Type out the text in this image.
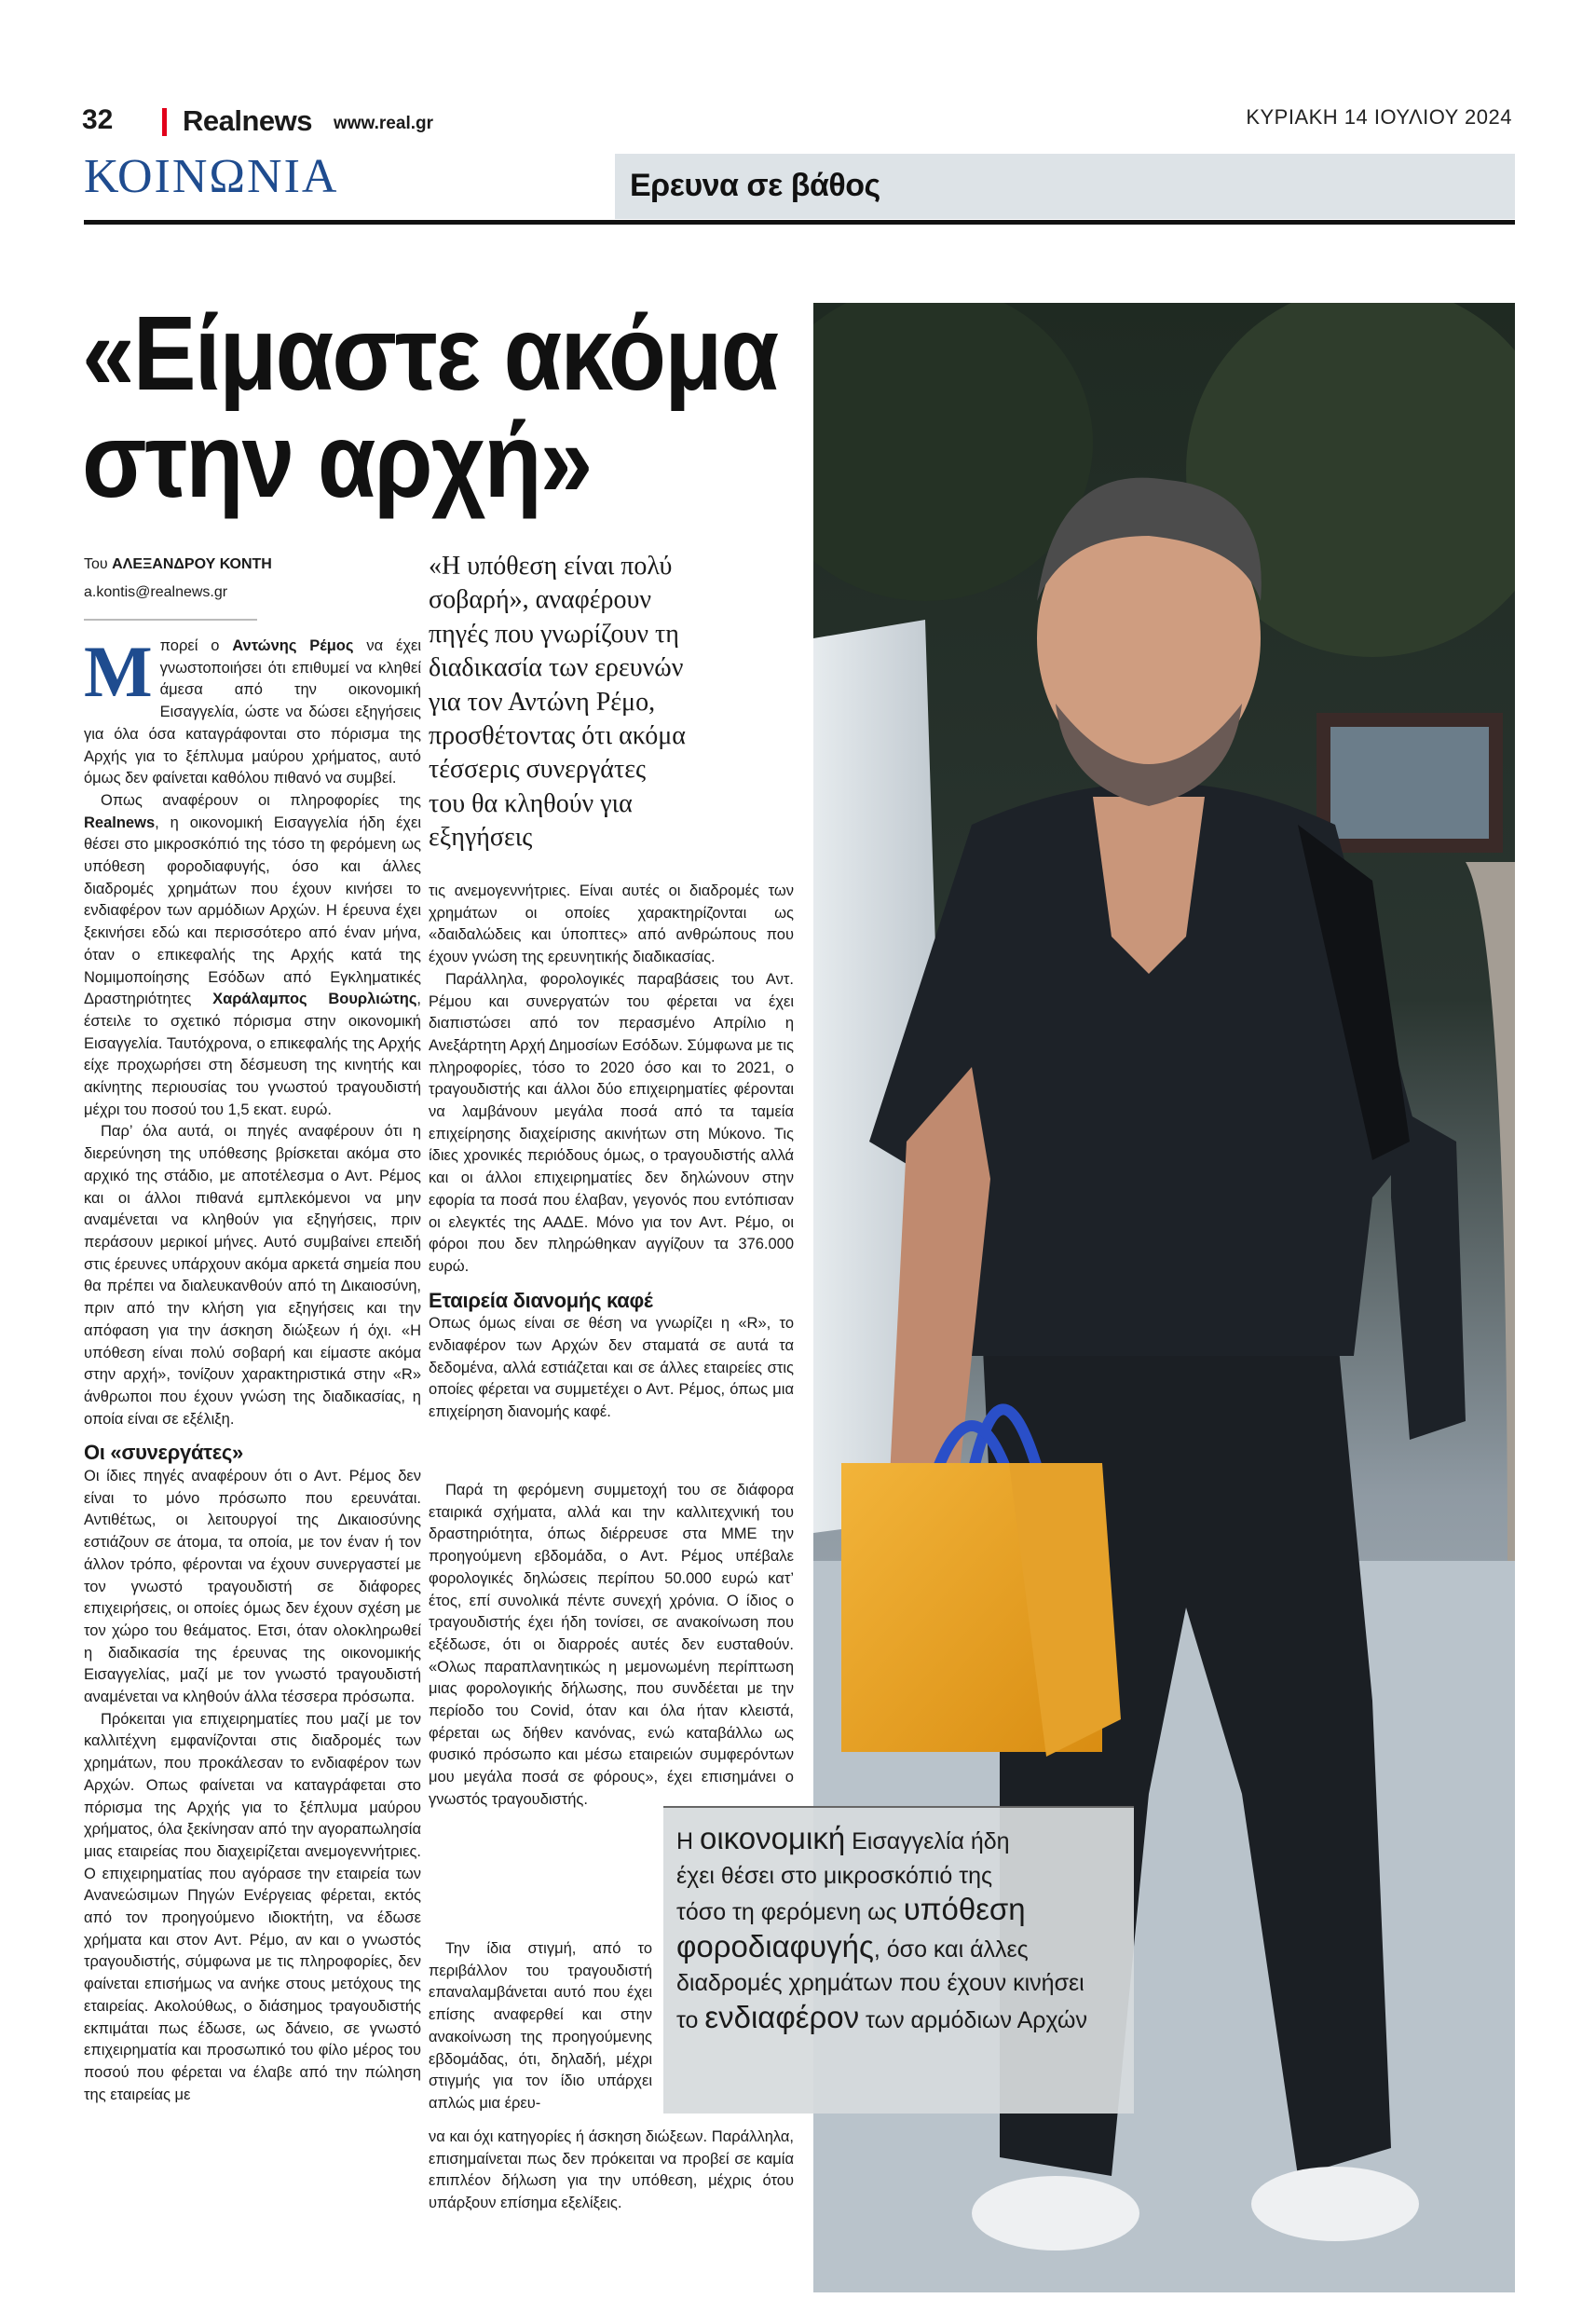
32 Realnews www.real.gr	ΚΥΡΙΑΚΗ 14 ΙΟΥΛΙΟΥ 2024
ΚΟΙΝΩΝΙΑ	Ερευνα σε βάθος
«Είμαστε ακόμα
στην αρχή»
Του ΑΛΕΞΑΝΔΡΟΥ ΚΟΝΤΗ
a.kontis@realnews.gr
«Η υπόθεση είναι πολύ
σοβαρή», αναφέρουν
πηγές που γνωρίζουν τη
διαδικασία των ερευνών
για τον Αντώνη Ρέμο,
προσθέτοντας ότι ακόμα
τέσσερις συνεργάτες
του θα κληθούν για
εξηγήσεις

Μπορεί ο Αντώνης Ρέμος να έχει γνωστοποιήσει ότι επιθυμεί να κληθεί άμεσα από την οικονομική Εισαγγελία, ώστε να δώσει εξηγήσεις για όλα όσα καταγράφονται στο πόρισμα της Αρχής για το ξέπλυμα μαύρου χρήματος, αυτό όμως δεν φαίνεται καθόλου πιθανό να συμβεί.

Οπως αναφέρουν οι πληροφορίες της Realnews, η οικονομική Εισαγγελία ήδη έχει θέσει στο μικροσκόπιό της τόσο τη φερόμενη ως υπόθεση φοροδιαφυγής, όσο και άλλες διαδρομές χρημάτων που έχουν κινήσει το ενδιαφέρον των αρμόδιων Αρχών. Η έρευνα έχει ξεκινήσει εδώ και περισσότερο από έναν μήνα, όταν ο επικεφαλής της Αρχής κατά της Νομιμοποίησης Εσόδων από Εγκληματικές Δραστηριότητες Χαράλαμπος Βουρλιώτης, έστειλε το σχετικό πόρισμα στην οικονομική Εισαγγελία. Ταυτόχρονα, ο επικεφαλής της Αρχής είχε προχωρήσει στη δέσμευση της κινητής και ακίνητης περιουσίας του γνωστού τραγουδιστή μέχρι του ποσού του 1,5 εκατ. ευρώ.

Παρ’ όλα αυτά, οι πηγές αναφέρουν ότι η διερεύνηση της υπόθεσης βρίσκεται ακόμα στο αρχικό της στάδιο, με αποτέλεσμα ο Αντ. Ρέμος και οι άλλοι πιθανά εμπλεκόμενοι να μην αναμένεται να κληθούν για εξηγήσεις, πριν περάσουν μερικοί μήνες. Αυτό συμβαίνει επειδή στις έρευνες υπάρχουν ακόμα αρκετά σημεία που θα πρέπει να διαλευκανθούν από τη Δικαιοσύνη, πριν από την κλήση για εξηγήσεις και την απόφαση για την άσκηση διώξεων ή όχι. «Η υπόθεση είναι πολύ σοβαρή και είμαστε ακόμα στην αρχή», τονίζουν χαρακτηριστικά στην «R» άνθρωποι που έχουν γνώση της διαδικασίας, η οποία είναι σε εξέλιξη.

Οι «συνεργάτες»

Οι ίδιες πηγές αναφέρουν ότι ο Αντ. Ρέμος δεν είναι το μόνο πρόσωπο που ερευνάται. Αντιθέτως, οι λειτουργοί της Δικαιοσύνης εστιάζουν σε άτομα, τα οποία, με τον έναν ή τον άλλον τρόπο, φέρονται να έχουν συνεργαστεί με τον γνωστό τραγουδιστή σε διάφορες επιχειρήσεις, οι οποίες όμως δεν έχουν σχέση με τον χώρο του θεάματος. Ετσι, όταν ολοκληρωθεί η διαδικασία της έρευνας της οικονομικής Εισαγγελίας, μαζί με τον γνωστό τραγουδιστή αναμένεται να κληθούν άλλα τέσσερα πρόσωπα.

Πρόκειται για επιχειρηματίες που μαζί με τον καλλιτέχνη εμφανίζονται στις διαδρομές των χρημάτων, που προκάλεσαν το ενδιαφέρον των Αρχών. Οπως φαίνεται να καταγράφεται στο πόρισμα της Αρχής για το ξέπλυμα μαύρου χρήματος, όλα ξεκίνησαν από την αγοραπωλησία μιας εταιρείας που διαχειρίζεται ανεμογεννήτριες. Ο επιχειρηματίας που αγόρασε την εταιρεία των Ανανεώσιμων Πηγών Ενέργειας φέρεται, εκτός από τον προηγούμενο ιδιοκτήτη, να έδωσε χρήματα και στον Αντ. Ρέμο, αν και ο γνωστός τραγουδιστής, σύμφωνα με τις πληροφορίες, δεν φαίνεται επισήμως να ανήκε στους μετόχους της εταιρείας. Ακολούθως, ο διάσημος τραγουδιστής εκπιμάται πως έδωσε, ως δάνειο, σε γνωστό επιχειρηματία και προσωπικό του φίλο μέρος του ποσού που φέρεται να έλαβε από την πώληση της εταιρείας με

τις ανεμογεννήτριες. Είναι αυτές οι διαδρομές των χρημάτων οι οποίες χαρακτηρίζονται ως «δαιδαλώδεις και ύποπτες» από ανθρώπους που έχουν γνώση της ερευνητικής διαδικασίας.

Παράλληλα, φορολογικές παραβάσεις του Αντ. Ρέμου και συνεργατών του φέρεται να έχει διαπιστώσει από τον περασμένο Απρίλιο η Ανεξάρτητη Αρχή Δημοσίων Εσόδων. Σύμφωνα με τις πληροφορίες, τόσο το 2020 όσο και το 2021, ο τραγουδιστής και άλλοι δύο επιχειρηματίες φέρονται να λαμβάνουν μεγάλα ποσά από τα ταμεία επιχείρησης διαχείρισης ακινήτων στη Μύκονο. Τις ίδιες χρονικές περιόδους όμως, ο τραγουδιστής αλλά και οι άλλοι επιχειρηματίες δεν δηλώνουν στην εφορία τα ποσά που έλαβαν, γεγονός που εντόπισαν οι ελεγκτές της ΑΑΔΕ. Μόνο για τον Αντ. Ρέμο, οι φόροι που δεν πληρώθηκαν αγγίζουν τα 376.000 ευρώ.

Εταιρεία διανομής καφέ

Οπως όμως είναι σε θέση να γνωρίζει η «R», το ενδιαφέρον των Αρχών δεν σταματά σε αυτά τα δεδομένα, αλλά εστιάζεται και σε άλλες εταιρείες στις οποίες φέρεται να συμμετέχει ο Αντ. Ρέμος, όπως μια επιχείρηση διανομής καφέ.

Παρά τη φερόμενη συμμετοχή του σε διάφορα εταιρικά σχήματα, αλλά και την καλλιτεχνική του δραστηριότητα, όπως διέρρευσε στα ΜΜΕ την προηγούμενη εβδομάδα, ο Αντ. Ρέμος υπέβαλε φορολογικές δηλώσεις περίπου 50.000 ευρώ κατ’ έτος, επί συνολικά πέντε συνεχή χρόνια. Ο ίδιος ο τραγουδιστής έχει ήδη τονίσει, σε ανακοίνωση που εξέδωσε, ότι οι διαρροές αυτές δεν ευσταθούν. «Ολως παραπλανητικώς η μεμονωμένη περίπτωση μιας φορολογικής δήλωσης, που συνδέεται με την περίοδο του Covid, όταν και όλα ήταν κλειστά, φέρεται ως δήθεν κανόνας, ενώ καταβάλλω ως φυσικό πρόσωπο και μέσω εταιρειών συμφερόντων μου μεγάλα ποσά σε φόρους», έχει επισημάνει ο γνωστός τραγουδιστής.

Η οικονομική Εισαγγελία ήδη
έχει θέσει στο μικροσκόπιό της
τόσο τη φερόμενη ως υπόθεση
φοροδιαφυγής, όσο και άλλες
διαδρομές χρημάτων που έχουν κινήσει
το ενδιαφέρον των αρμόδιων Αρχών

Την ίδια στιγμή, από το περιβάλλον του τραγουδιστή επαναλαμβάνεται αυτό που έχει επίσης αναφερθεί και στην ανακοίνωση της προηγούμενης εβδομάδας, ότι, δηλαδή, μέχρι στιγμής για τον ίδιο υπάρχει απλώς μια έρευ-

να και όχι κατηγορίες ή άσκηση διώξεων. Παράλληλα, επισημαίνεται πως δεν πρόκειται να προβεί σε καμία επιπλέον δήλωση για την υπόθεση, μέχρις ότου υπάρξουν επίσημα εξελίξεις.
